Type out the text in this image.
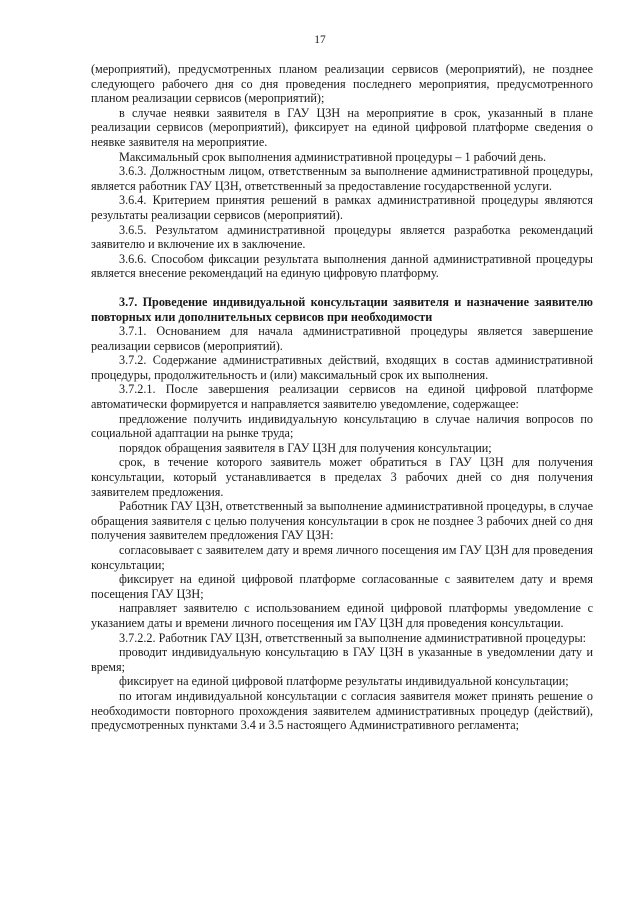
17

(мероприятий), предусмотренных планом реализации сервисов (мероприятий), не позднее следующего рабочего дня со дня проведения последнего мероприятия, предусмотренного планом реализации сервисов (мероприятий);

в случае неявки заявителя в ГАУ ЦЗН на мероприятие в срок, указанный в плане реализации сервисов (мероприятий), фиксирует на единой цифровой платформе сведения о неявке заявителя на мероприятие.

Максимальный срок выполнения административной процедуры – 1 рабочий день.

3.6.3. Должностным лицом, ответственным за выполнение административной процедуры, является работник ГАУ ЦЗН, ответственный за предоставление государственной услуги.

3.6.4. Критерием принятия решений в рамках административной процедуры являются результаты реализации сервисов (мероприятий).

3.6.5. Результатом административной процедуры является разработка рекомендаций заявителю и включение их в заключение.

3.6.6. Способом фиксации результата выполнения данной административной процедуры является внесение рекомендаций на единую цифровую платформу.

3.7. Проведение индивидуальной консультации заявителя и назначение заявителю повторных или дополнительных сервисов при необходимости

3.7.1. Основанием для начала административной процедуры является завершение реализации сервисов (мероприятий).

3.7.2. Содержание административных действий, входящих в состав административной процедуры, продолжительность и (или) максимальный срок их выполнения.

3.7.2.1. После завершения реализации сервисов на единой цифровой платформе автоматически формируется и направляется заявителю уведомление, содержащее:

предложение получить индивидуальную консультацию в случае наличия вопросов по социальной адаптации на рынке труда;

порядок обращения заявителя в ГАУ ЦЗН для получения консультации;

срок, в течение которого заявитель может обратиться в ГАУ ЦЗН для получения консультации, который устанавливается в пределах 3 рабочих дней со дня получения заявителем предложения.

Работник ГАУ ЦЗН, ответственный за выполнение административной процедуры, в случае обращения заявителя с целью получения консультации в срок не позднее 3 рабочих дней со дня получения заявителем предложения ГАУ ЦЗН:

согласовывает с заявителем дату и время личного посещения им ГАУ ЦЗН для проведения консультации;

фиксирует на единой цифровой платформе согласованные с заявителем дату и время посещения ГАУ ЦЗН;

направляет заявителю с использованием единой цифровой платформы уведомление с указанием даты и времени личного посещения им ГАУ ЦЗН для проведения консультации.

3.7.2.2. Работник ГАУ ЦЗН, ответственный за выполнение административной процедуры:

проводит индивидуальную консультацию в ГАУ ЦЗН в указанные в уведомлении дату и время;

фиксирует на единой цифровой платформе результаты индивидуальной консультации;

по итогам индивидуальной консультации с согласия заявителя может принять решение о необходимости повторного прохождения заявителем административных процедур (действий), предусмотренных пунктами 3.4 и 3.5 настоящего Административного регламента;
